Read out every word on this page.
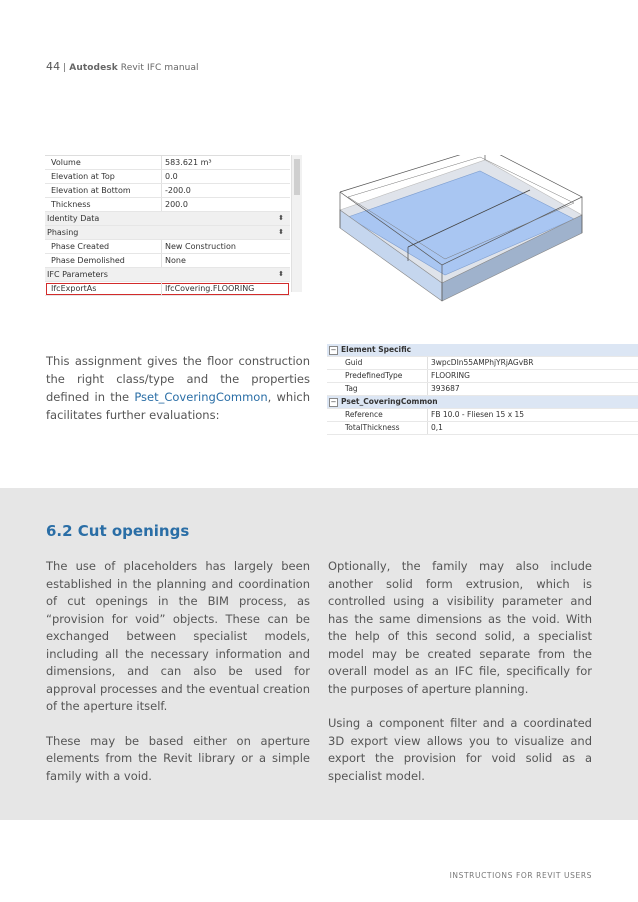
44 | Autodesk Revit IFC manual
Volume	583.621 m³
Elevation at Top	0.0
Elevation at Bottom	-200.0
Thickness	200.0
Identity Data	⬍
Phasing	⬍
Phase Created	New Construction
Phase Demolished	None
IFC Parameters	⬍
IfcExportAs	IfcCovering.FLOORING
This assignment gives the floor construction the right class/type and the properties defined in the Pset_CoveringCommon, which facilitates further evaluations:
− Element Specific
Guid	3wpcDIn55AMPhjYRjAGvBR
PredefinedType	FLOORING
Tag	393687
− Pset_CoveringCommon
Reference	FB 10.0 - Fliesen 15 x 15
TotalThickness	0,1
6.2 Cut openings

The use of placeholders has largely been established in the planning and coordination of cut openings in the BIM process, as “provision for void” objects. These can be exchanged between specialist models, including all the necessary information and dimensions, and can also be used for approval processes and the eventual creation of the aperture itself.

These may be based either on aperture elements from the Revit library or a simple family with a void.

Optionally, the family may also include another solid form extrusion, which is controlled using a visibility parameter and has the same dimensions as the void. With the help of this second solid, a specialist model may be created separate from the overall model as an IFC file, specifically for the purposes of aperture planning.

Using a component filter and a coordinated 3D export view allows you to visualize and export the provision for void solid as a specialist model.

INSTRUCTIONS FOR REVIT USERS
